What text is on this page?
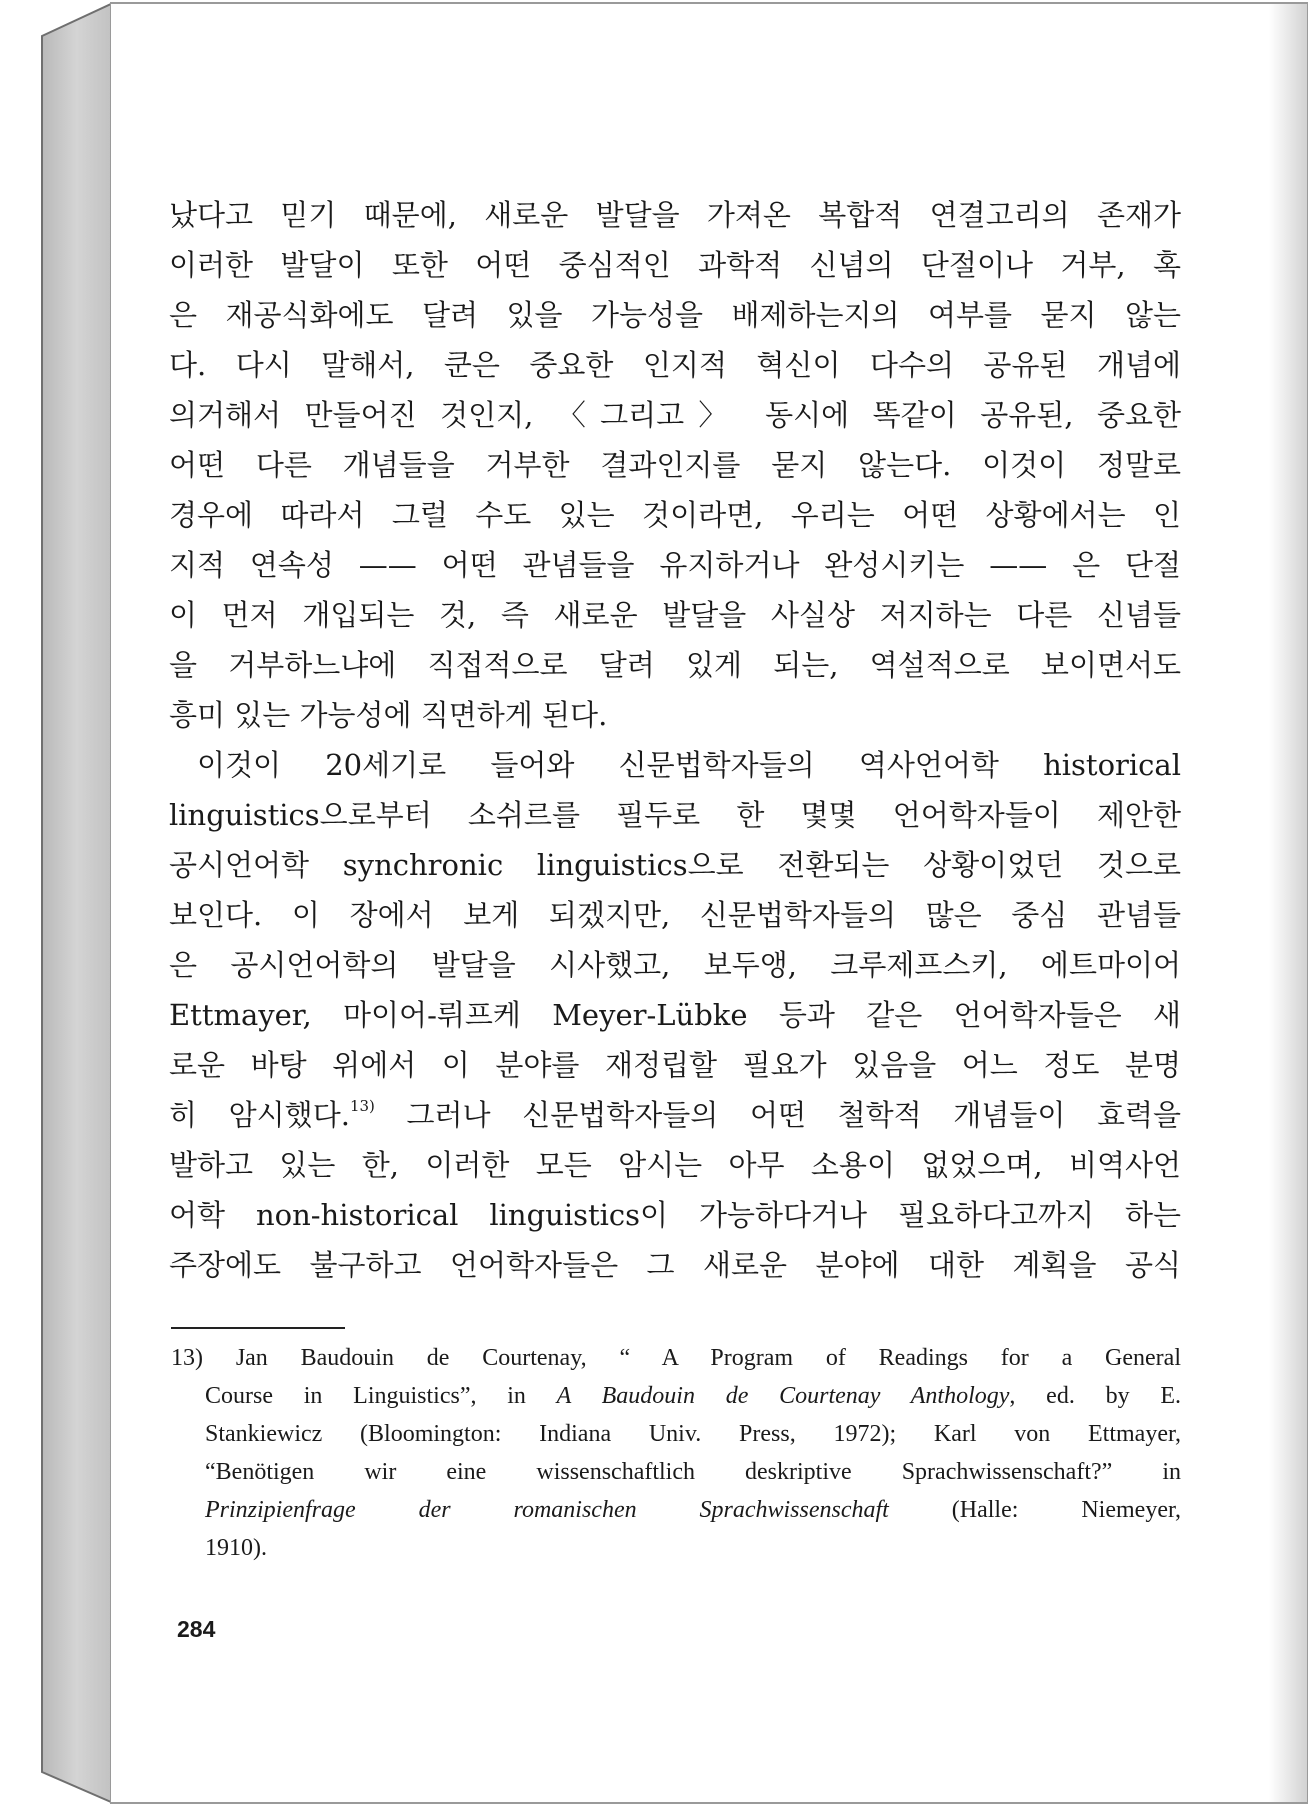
났다고 믿기 때문에, 새로운 발달을 가져온 복합적 연결고리의 존재가
이러한 발달이 또한 어떤 중심적인 과학적 신념의 단절이나 거부, 혹
은 재공식화에도 달려 있을 가능성을 배제하는지의 여부를 묻지 않는
다. 다시 말해서, 쿤은 중요한 인지적 혁신이 다수의 공유된 개념에
의거해서 만들어진 것인지, 〈그리고〉 동시에 똑같이 공유된, 중요한
어떤 다른 개념들을 거부한 결과인지를 묻지 않는다. 이것이 정말로
경우에 따라서 그럴 수도 있는 것이라면, 우리는 어떤 상황에서는 인
지적 연속성 —— 어떤 관념들을 유지하거나 완성시키는 —— 은 단절
이 먼저 개입되는 것, 즉 새로운 발달을 사실상 저지하는 다른 신념들
을 거부하느냐에 직접적으로 달려 있게 되는, 역설적으로 보이면서도
흥미 있는 가능성에 직면하게 된다.
이것이 20세기로 들어와 신문법학자들의 역사언어학 historical
linguistics으로부터 소쉬르를 필두로 한 몇몇 언어학자들이 제안한
공시언어학 synchronic linguistics으로 전환되는 상황이었던 것으로
보인다. 이 장에서 보게 되겠지만, 신문법학자들의 많은 중심 관념들
은 공시언어학의 발달을 시사했고, 보두앵, 크루제프스키, 에트마이어
Ettmayer, 마이어-뤼프케 Meyer-Lübke 등과 같은 언어학자들은 새
로운 바탕 위에서 이 분야를 재정립할 필요가 있음을 어느 정도 분명
히 암시했다.$^{13)}$ 그러나 신문법학자들의 어떤 철학적 개념들이 효력을
발하고 있는 한, 이러한 모든 암시는 아무 소용이 없었으며, 비역사언
어학 non-historical linguistics이 가능하다거나 필요하다고까지 하는
주장에도 불구하고 언어학자들은 그 새로운 분야에 대한 계획을 공식
13) Jan Baudouin de Courtenay, “ A Program of Readings for a General
Course in Linguistics”, in A Baudouin de Courtenay Anthology, ed. by E.
Stankiewicz (Bloomington: Indiana Univ. Press, 1972); Karl von Ettmayer,
“Benötigen wir eine wissenschaftlich deskriptive Sprachwissenschaft?” in
Prinzipienfrage der romanischen Sprachwissenschaft (Halle: Niemeyer,
1910).
284
